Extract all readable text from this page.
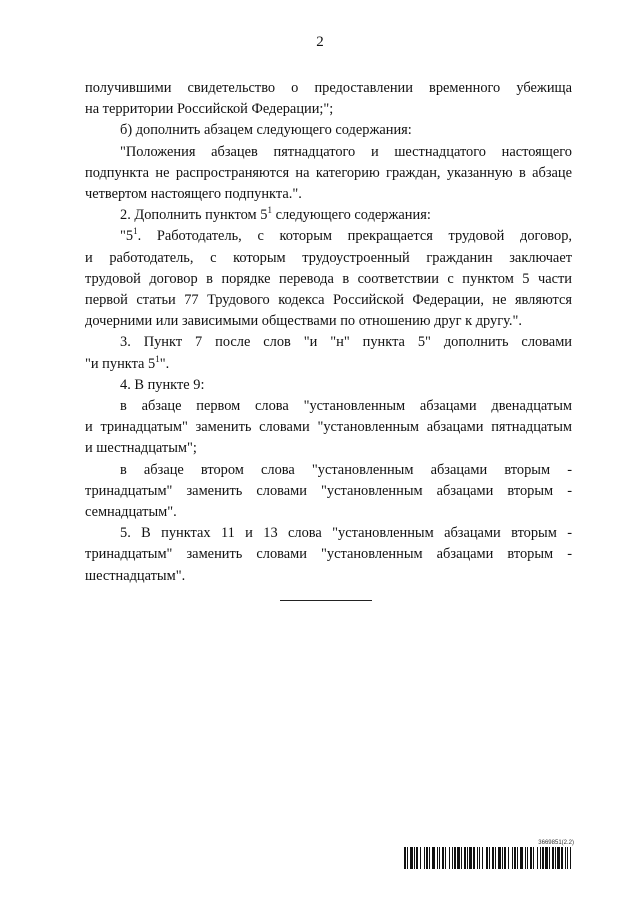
2

получившими свидетельство о предоставлении временного убежища

на территории Российской Федерации;";

б) дополнить абзацем следующего содержания:

"Положения абзацев пятнадцатого и шестнадцатого настоящего

подпункта не распространяются на категорию граждан, указанную в абзаце

четвертом настоящего подпункта.".

2. Дополнить пунктом $5^1$ следующего содержания:

"$5^1$. Работодатель, с которым прекращается трудовой договор,

и работодатель, с которым трудоустроенный гражданин заключает

трудовой договор в порядке перевода в соответствии с пунктом 5 части

первой статьи 77 Трудового кодекса Российской Федерации, не являются

дочерними или зависимыми обществами по отношению друг к другу.".

3. Пункт 7 после слов "и "н" пункта 5" дополнить словами

"и пункта $5^1$".

4. В пункте 9:

в абзаце первом слова "установленным абзацами двенадцатым

и тринадцатым" заменить словами "установленным абзацами пятнадцатым

и шестнадцатым";

в абзаце втором слова "установленным абзацами вторым -

тринадцатым" заменить словами "установленным абзацами вторым -

семнадцатым".

5. В пунктах 11 и 13 слова "установленным абзацами вторым -

тринадцатым" заменить словами "установленным абзацами вторым -

шестнадцатым".

3669851(2.2)
